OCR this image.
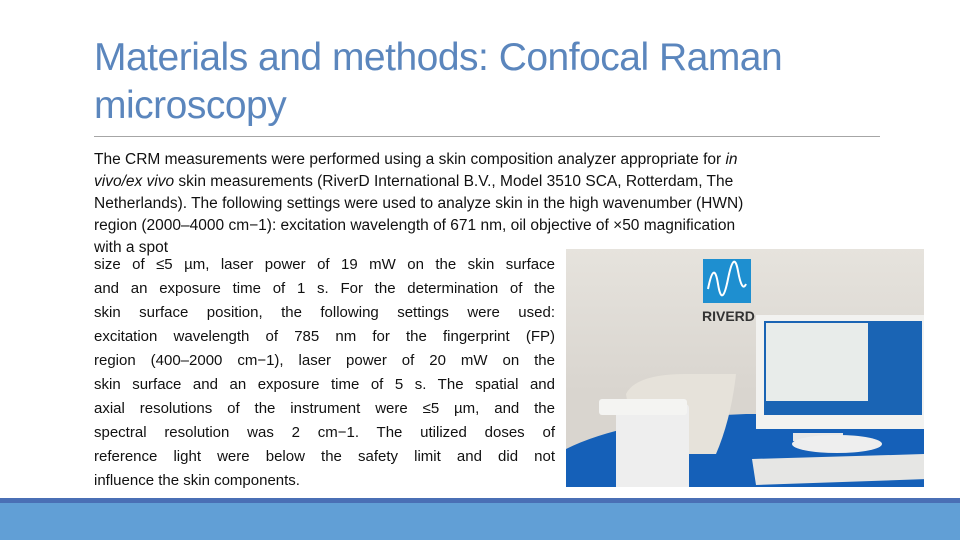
Materials and methods: Confocal Raman
microscopy
The CRM measurements were performed using a skin composition analyzer appropriate for in
vivo/ex vivo skin measurements (RiverD International B.V., Model 3510 SCA, Rotterdam, The
Netherlands). The following settings were used to analyze skin in the high wavenumber (HWN)
region (2000–4000 cm−1): excitation wavelength of 671 nm, oil objective of ×50 magnification
with a spot
size of ≤5 µm, laser power of 19 mW on the skin surface
and an exposure time of 1 s. For the determination of the
skin surface position, the following settings were used:
excitation wavelength of 785 nm for the fingerprint (FP)
region (400–2000 cm−1), laser power of 20 mW on the
skin surface and an exposure time of 5 s. The spatial and
axial resolutions of the instrument were ≤5 µm, and the
spectral resolution was 2 cm−1. The utilized doses of
reference light were below the safety limit and did not
influence the skin components.
RIVERD
